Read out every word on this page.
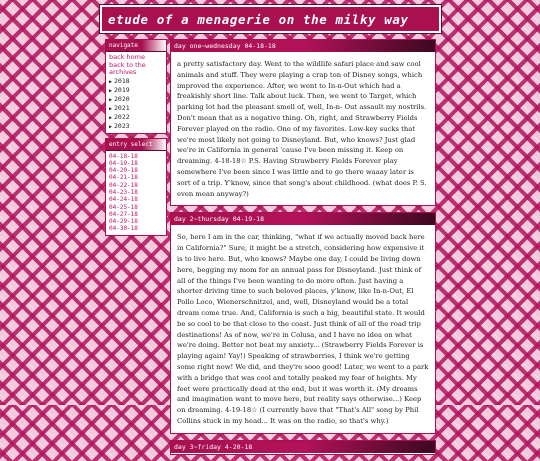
etude of a menagerie on the milky way
navigate
back home
back to the archives
▶ 2018
▶ 2019
▶ 2020
▶ 2021
▶ 2022
▶ 2023
entry select
04-18-18
04-19-18
04-20-18
04-21-18
04-22-18
04-23-18
04-24-18
04-25-18
04-27-18
04-29-18
04-30-18
day one~wednesday 04-18-18
a pretty satisfactory day. Went to the wildlife safari place and saw cool animals and stuff. They were playing a crap ton of Disney songs, which improved the experience. After, we went to In-n-Out which had a freakishly short line. Talk about luck. Then, we went to Target, which parking lot had the pleasant smell of, well, In-n- Out assault my nostrils. Don't mean that as a negative thing. Oh, right, and Strawberry Fields Forever played on the radio. One of my favorites. Low-key sucks that we're most likely not going to Disneyland. But, who knows? Just glad we're in California in general 'cause I've been missing it. Keep on dreaming. 4-18-18☆ P.S. Having Strawberry Fields Forever play somewhere I've been since I was little and to go there waaay later is sort of a trip. Y'know, since that song's about childhood. (what does P. S. even mean anyway?)
day 2~thursday 04-19-18
So, here I am in the car, thinking, "what if we actually moved back here in California?" Sure, it might be a stretch, considering how expensive it is to live here. But, who knows? Maybe one day, I could be living down here, begging my mom for an annual pass for Disneyland. Just think of all of the things I've been wanting to do more often. Just having a shorter driving time to such beloved places, y'know, like In-n-Out, El Pollo Loco, Wienerschnitzel, and, well, Disneyland would be a total dream come true. And, California is such a big, beautiful state. It would be so cool to be that close to the coast. Just think of all of the road trip destinations! As of now, we're in Colusa, and I have no idea on what we're doing. Better not beat my anxiety... (Strawberry Fields Forever is playing again! Yay!) Speaking of strawberries, I think we're getting some right now! We did, and they're sooo good! Later, we went to a park with a bridge that was cool and totally peaked my fear of heights. My feet were practically dead at the end, but it was worth it. (My dreams and imagination want to move here, but reality says otherwise...) Keep on dreaming. 4-19-18☆ (I currently have that "That's All" song by Phil Collins stuck in my head... It was on the radio, so that's why.)
day 3~friday 4-20-18
